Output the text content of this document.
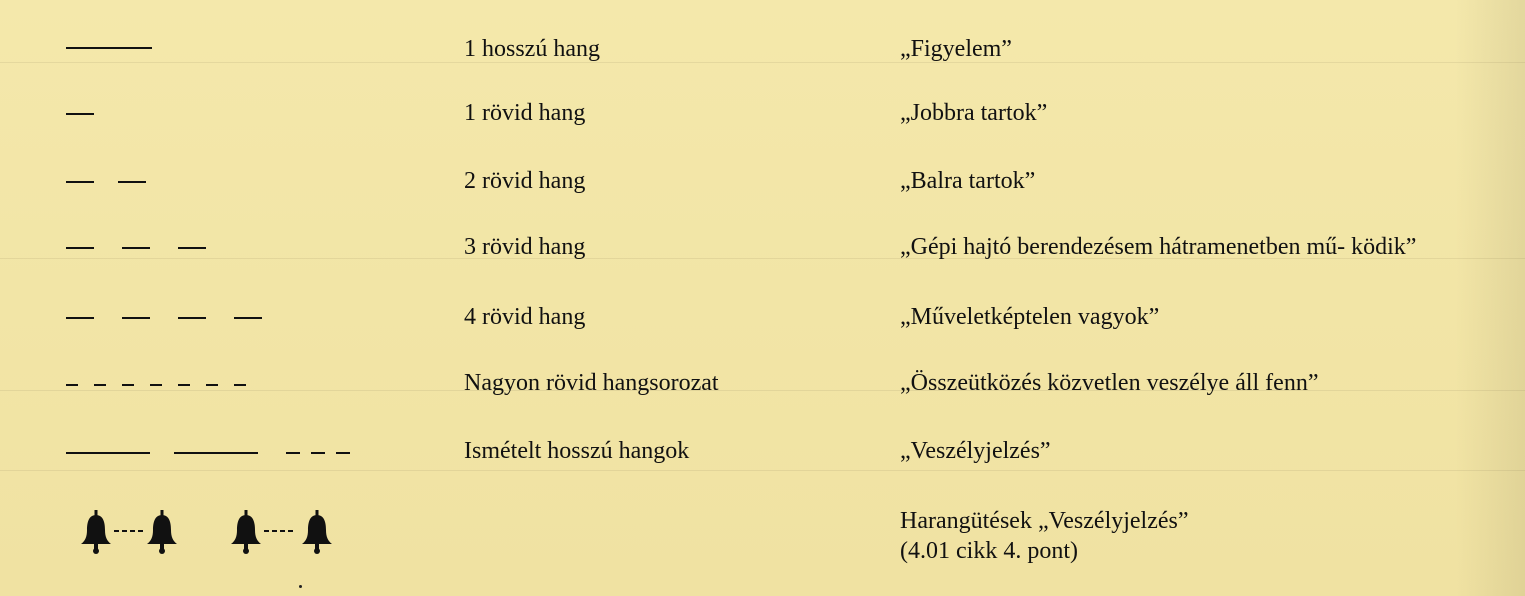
1 hosszú hang	„Figyelem”
1 rövid hang	„Jobbra tartok”
2 rövid hang	„Balra tartok”
3 rövid hang	„Gépi hajtó berendezésem hátramenetben mű- ködik”
4 rövid hang	„Műveletképtelen vagyok”
Nagyon rövid hangsorozat	„Összeütközés közvetlen veszélye áll fenn”
Ismételt hosszú hangok	„Veszélyjelzés”
Harangütések „Veszélyjelzés”
(4.01 cikk 4. pont)
